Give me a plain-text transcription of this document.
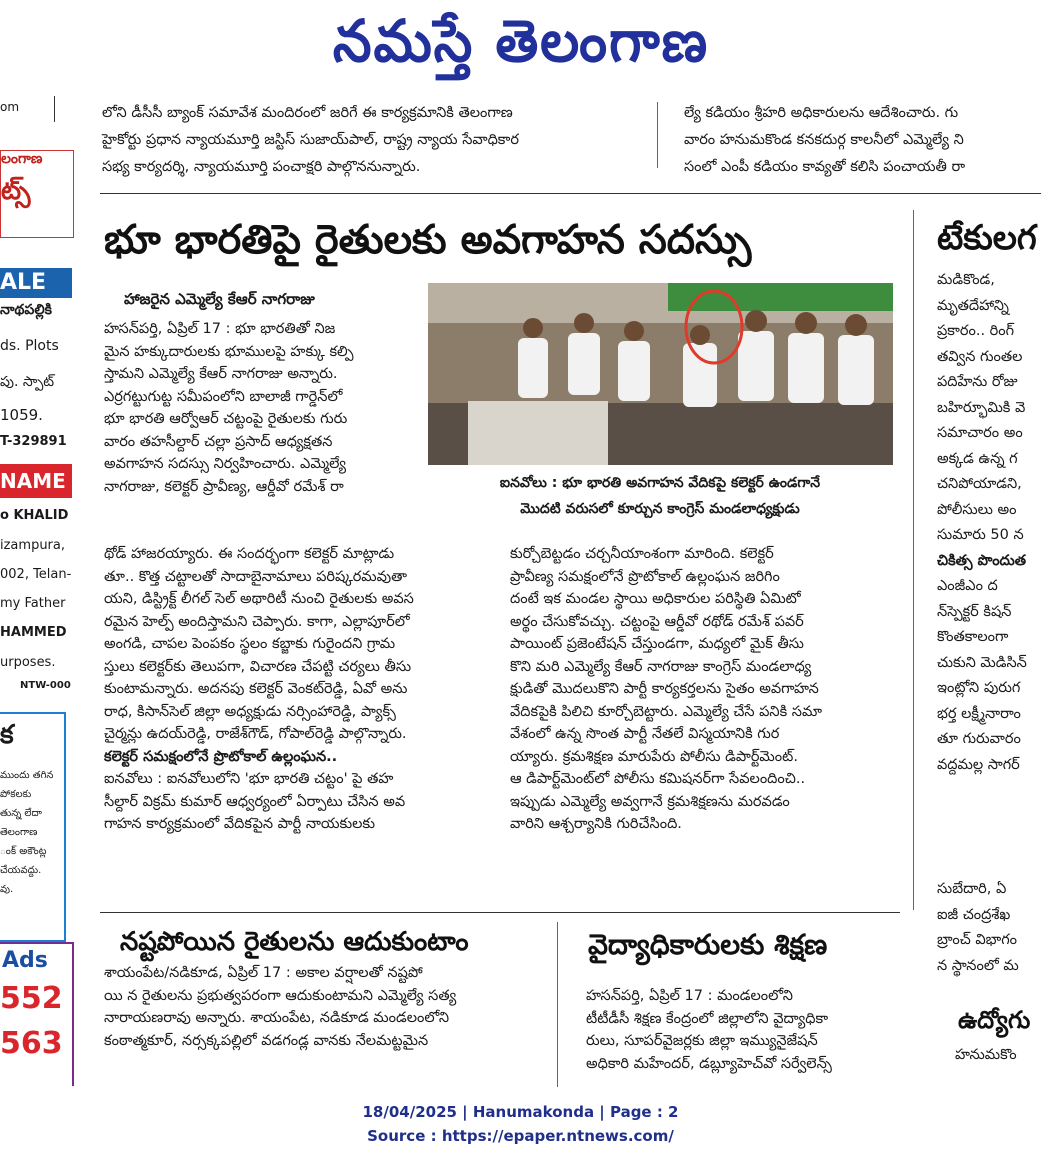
నమస్తే తెలంగాణ
om
లంగాణ
ట్స్
ALE
నాథపల్లికి
ds. Plots
పు. స్పాట్
1059.
T-329891
NAME
o KHALID
izampura,
002, Telan-
my Father
HAMMED
urposes.
NTW-000
క
ముందు తగిన
పోకలకు
తున్న లేదా
తెలంగాణ
ంక్ అకౌంట్ల
చేయవద్దు.
వు.
Ads
552
563

లోని డీసీసీ బ్యాంక్ సమావేశ మందిరంలో జరిగే ఈ కార్యక్రమానికి తెలంగాణ

హైకోర్టు ప్రధాన న్యాయమూర్తి జస్టిస్ సుజాయ్‌పాల్, రాష్ట్ర న్యాయ సేవాధికార

సభ్య కార్యదర్శి, న్యాయమూర్తి పంచాక్షరి పాల్గొననున్నారు.

ల్యే కడియం శ్రీహరి అధికారులను ఆదేశించారు. గు

వారం హనుమకొండ కనకదుర్గ కాలనీలో ఎమ్మెల్యే ని

సంలో ఎంపీ కడియం కావ్యతో కలిసి పంచాయతీ రా

భూ భారతిపై రైతులకు అవగాహన సదస్సు
హాజరైన ఎమ్మెల్యే కేఆర్ నాగరాజు

హసన్‌పర్తి, ఏప్రిల్ 17 : భూ భారతితో నిజ

మైన హక్కుదారులకు భూములపై హక్కు కల్పి

స్తామని ఎమ్మెల్యే కేఆర్ నాగరాజు అన్నారు.

ఎర్రగట్టుగుట్ట సమీపంలోని బాలాజీ గార్డెన్‌లో

భూ భారతి ఆర్వోఆర్ చట్టంపై రైతులకు గురు

వారం తహసీల్దార్ చల్లా ప్రసాద్ ఆధ్యక్షతన

అవగాహన సదస్సు నిర్వహించారు. ఎమ్మెల్యే

నాగరాజు, కలెక్టర్ ప్రావీణ్య, ఆర్డీవో రమేశ్ రా	ఐనవోలు : భూ భారతి అవగాహన వేదికపై కలెక్టర్ ఉండగానే
మొదటి వరుసలో కూర్చున కాంగ్రెస్ మండలాధ్యక్షుడు

థోడ్ హాజరయ్యారు. ఈ సందర్భంగా కలెక్టర్ మాట్లాడు

తూ.. కొత్త చట్టాలతో సాదాబైనామాలు పరిష్కరమవుతా

యని, డిస్ట్రిక్ట్ లీగల్ సెల్ అథారిటీ నుంచి రైతులకు అవస

రమైన హెల్ప్ అందిస్తామని చెప్పారు. కాగా, ఎల్లాపూర్‌లో

అంగడి, చాపల పెంపకం స్థలం కబ్జాకు గురైందని గ్రామ

స్తులు కలెక్టర్‌కు తెలుపగా, విచారణ చేపట్టి చర్యలు తీసు

కుంటామన్నారు. అదనపు కలెక్టర్ వెంకట్‌రెడ్డి, ఏవో అను

రాధ, కిసాన్‌సెల్ జిల్లా అధ్యక్షుడు నర్సింహారెడ్డి, ప్యాక్స్

చైర్మన్లు ఉదయ్‌రెడ్డి, రాజేశ్‌గౌడ్, గోపాల్‌రెడ్డి పాల్గొన్నారు.

కలెక్టర్ సమక్షంలోనే ప్రొటోకాల్ ఉల్లంఘన..

ఐనవోలు : ఐనవోలులోని 'భూ భారతి చట్టం' పై తహ

సీల్దార్ విక్రమ్ కుమార్ ఆధ్వర్యంలో ఏర్పాటు చేసిన అవ

గాహన కార్యక్రమంలో వేదికపైన పార్టీ నాయకులకు

కుర్చోబెట్టడం చర్చనీయాంశంగా మారింది. కలెక్టర్

ప్రావీణ్య సమక్షంలోనే ప్రొటోకాల్ ఉల్లంఘన జరిగిం

దంటే ఇక మండల స్థాయి అధికారుల పరిస్థితి ఏమిటో

అర్థం చేసుకోవచ్చు. చట్టంపై ఆర్డీవో రథోడ్ రమేశ్ పవర్

పాయింట్ ప్రజెంటేషన్ చేస్తుండగా, మధ్యలో మైక్ తీసు

కొని మరి ఎమ్మెల్యే కేఆర్ నాగరాజు కాంగ్రెస్ మండలాధ్య

క్షుడితో మొదలుకొని పార్టీ కార్యకర్తలను సైతం అవగాహన

వేదికపైకి పిలిచి కూర్చోబెట్టారు. ఎమ్మెల్యే చేసే పనికి సమా

వేశంలో ఉన్న సొంత పార్టీ నేతలే విస్మయానికి గుర

య్యారు. క్రమశిక్షణ మారుపేరు పోలీసు డిపార్ట్‌మెంట్.

ఆ డిపార్ట్‌మెంట్‌లో పోలీసు కమిషనర్‌గా సేవలందించి..

ఇప్పుడు ఎమ్మెల్యే అవ్వగానే క్రమశిక్షణను మరవడం

వారిని ఆశ్చర్యానికి గురిచేసింది.

నష్టపోయిన రైతులను ఆదుకుంటాం

శాయంపేట/నడికూడ, ఏప్రిల్ 17 : అకాల వర్షాలతో నష్టపో

యి న రైతులను ప్రభుత్వపరంగా ఆదుకుంటామని ఎమ్మెల్యే సత్య

నారాయణరావు అన్నారు. శాయంపేట, నడికూడ మండలంలోని

కంఠాత్మకూర్, నర్సక్కపల్లిలో వడగండ్ల వానకు నేలమట్టమైన

వైద్యాధికారులకు శిక్షణ

హసన్‌పర్తి, ఏప్రిల్ 17 : మండలంలోని

టీటీడీసీ శిక్షణ కేంద్రంలో జిల్లాలోని వైద్యాధికా

రులు, సూపర్‌వైజర్లకు జిల్లా ఇమ్యునైజేషన్

అధికారి మహేందర్, డబ్ల్యూహెచ్‌వో సర్వేలెన్స్

టేకులగ

మడికొండ,

మృతదేహాన్ని

ప్రకారం.. రింగ్

తవ్విన గుంతల

పదిహేను రోజు

బహిర్భూమికి వె

సమాచారం అం

అక్కడ ఉన్న గ

చనిపోయాడని,

పోలీసులు అం

సుమారు 50 న

చికిత్స పొందుత

ఎంజీఎం ద

న్‌స్పెక్టర్ కిషన్

కొంతకాలంగా

చుకుని మెడిసిన్

ఇంట్లోని పురుగ

భర్త లక్ష్మీనారాం

తూ గురువారం

వద్దమల్ల సాగర్

సుబేదారి, ఏ

ఐజీ చంద్రశేఖ

బ్రాంచ్ విభాగం

న స్థానంలో మ

ఉద్యోగు

హనుమకొం

18/04/2025 | Hanumakonda | Page : 2
Source : https://epaper.ntnews.com/
